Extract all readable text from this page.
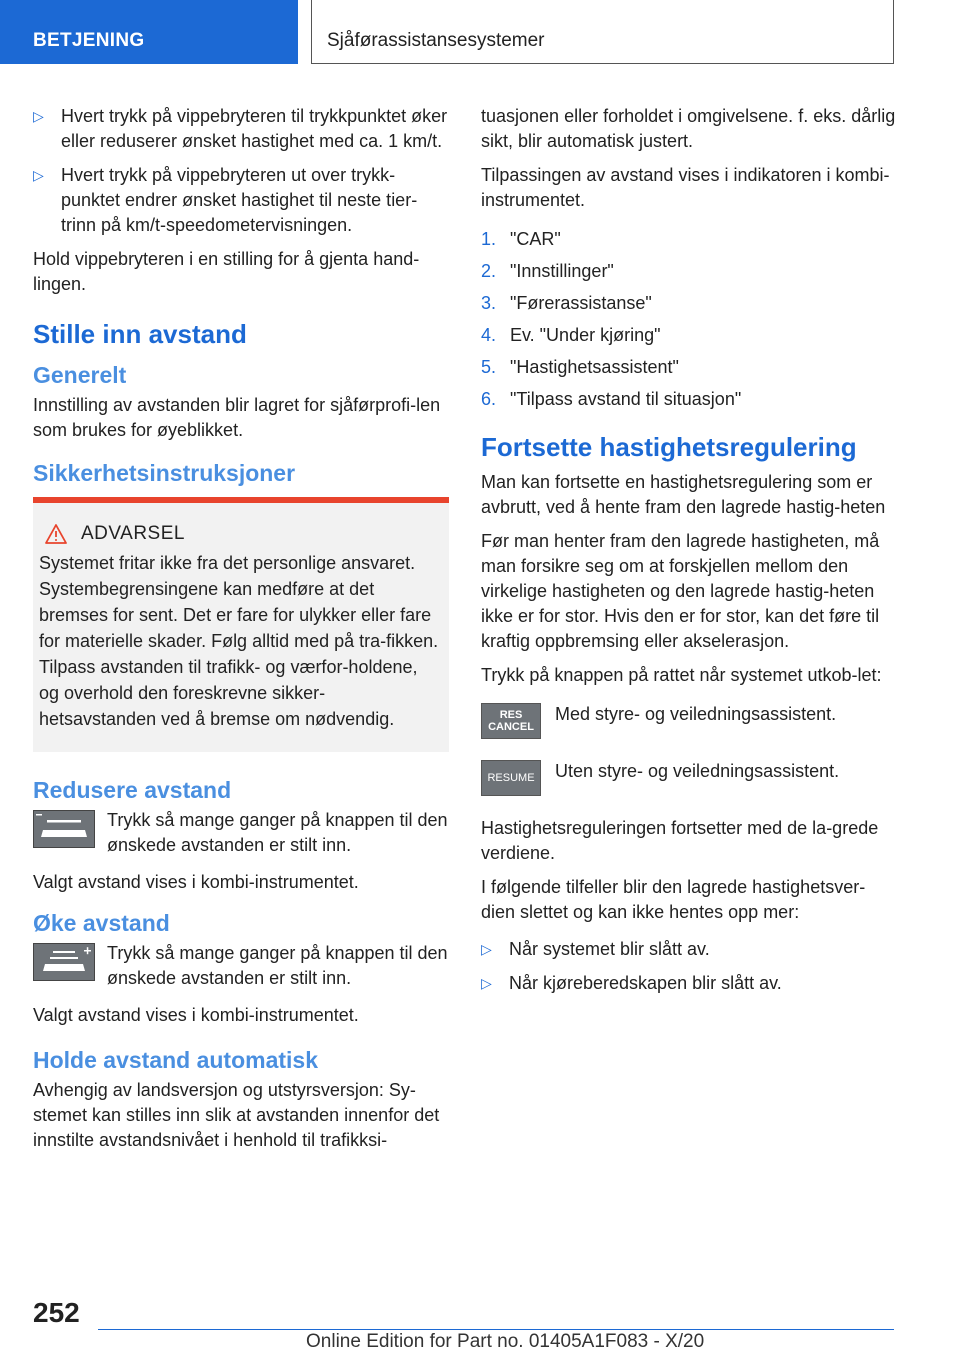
BETJENING	Sjåførassistansesystemer
▷ Hvert trykk på vippebryteren til trykkpunktet øker eller reduserer ønsket hastighet med ca. 1 km/t.
▷ Hvert trykk på vippebryteren ut over trykk-punktet endrer ønsket hastighet til neste tier-trinn på km/t-speedometervisningen.

Hold vippebryteren i en stilling for å gjenta hand-lingen.

Stille inn avstand
Generelt

Innstilling av avstanden blir lagret for sjåførprofi-len som brukes for øyeblikket.

Sikkerhetsinstruksjoner
ADVARSEL
Systemet fritar ikke fra det personlige ansvaret. Systembegrensingene kan medføre at det bremses for sent. Det er fare for ulykker eller fare for materielle skader. Følg alltid med på tra-fikken. Tilpass avstanden til trafikk- og værfor-holdene, og overhold den foreskrevne sikker-hetsavstanden ved å bremse om nødvendig.
Redusere avstand
Trykk så mange ganger på knappen til den ønskede avstanden er stilt inn.

Valgt avstand vises i kombi-instrumentet.

Øke avstand
Trykk så mange ganger på knappen til den ønskede avstanden er stilt inn.

Valgt avstand vises i kombi-instrumentet.

Holde avstand automatisk

Avhengig av landsversjon og utstyrsversjon: Sy-stemet kan stilles inn slik at avstanden innenfor det innstilte avstandsnivået i henhold til trafikksi-

tuasjonen eller forholdet i omgivelsene. f. eks. dårlig sikt, blir automatisk justert.

Tilpassingen av avstand vises i indikatoren i kombi-instrumentet.

1. "CAR"
2. "Innstillinger"
3. "Førerassistanse"
4. Ev. "Under kjøring"
5. "Hastighetsassistent"
6. "Tilpass avstand til situasjon"
Fortsette hastighetsregulering

Man kan fortsette en hastighetsregulering som er avbrutt, ved å hente fram den lagrede hastig-heten

Før man henter fram den lagrede hastigheten, må man forsikre seg om at forskjellen mellom den virkelige hastigheten og den lagrede hastig-heten ikke er for stor. Hvis den er for stor, kan det føre til kraftig oppbremsing eller akselerasjon.

Trykk på knappen på rattet når systemet utkob-let:

RES
CANCEL
Med styre- og veiledningsassistent.
RESUME	Uten styre- og veiledningsassistent.

Hastighetsreguleringen fortsetter med de la-grede verdiene.

I følgende tilfeller blir den lagrede hastighetsver-dien slettet og kan ikke hentes opp mer:

▷ Når systemet blir slått av.
▷ Når kjøreberedskapen blir slått av.
252
Online Edition for Part no. 01405A1F083 - X/20
